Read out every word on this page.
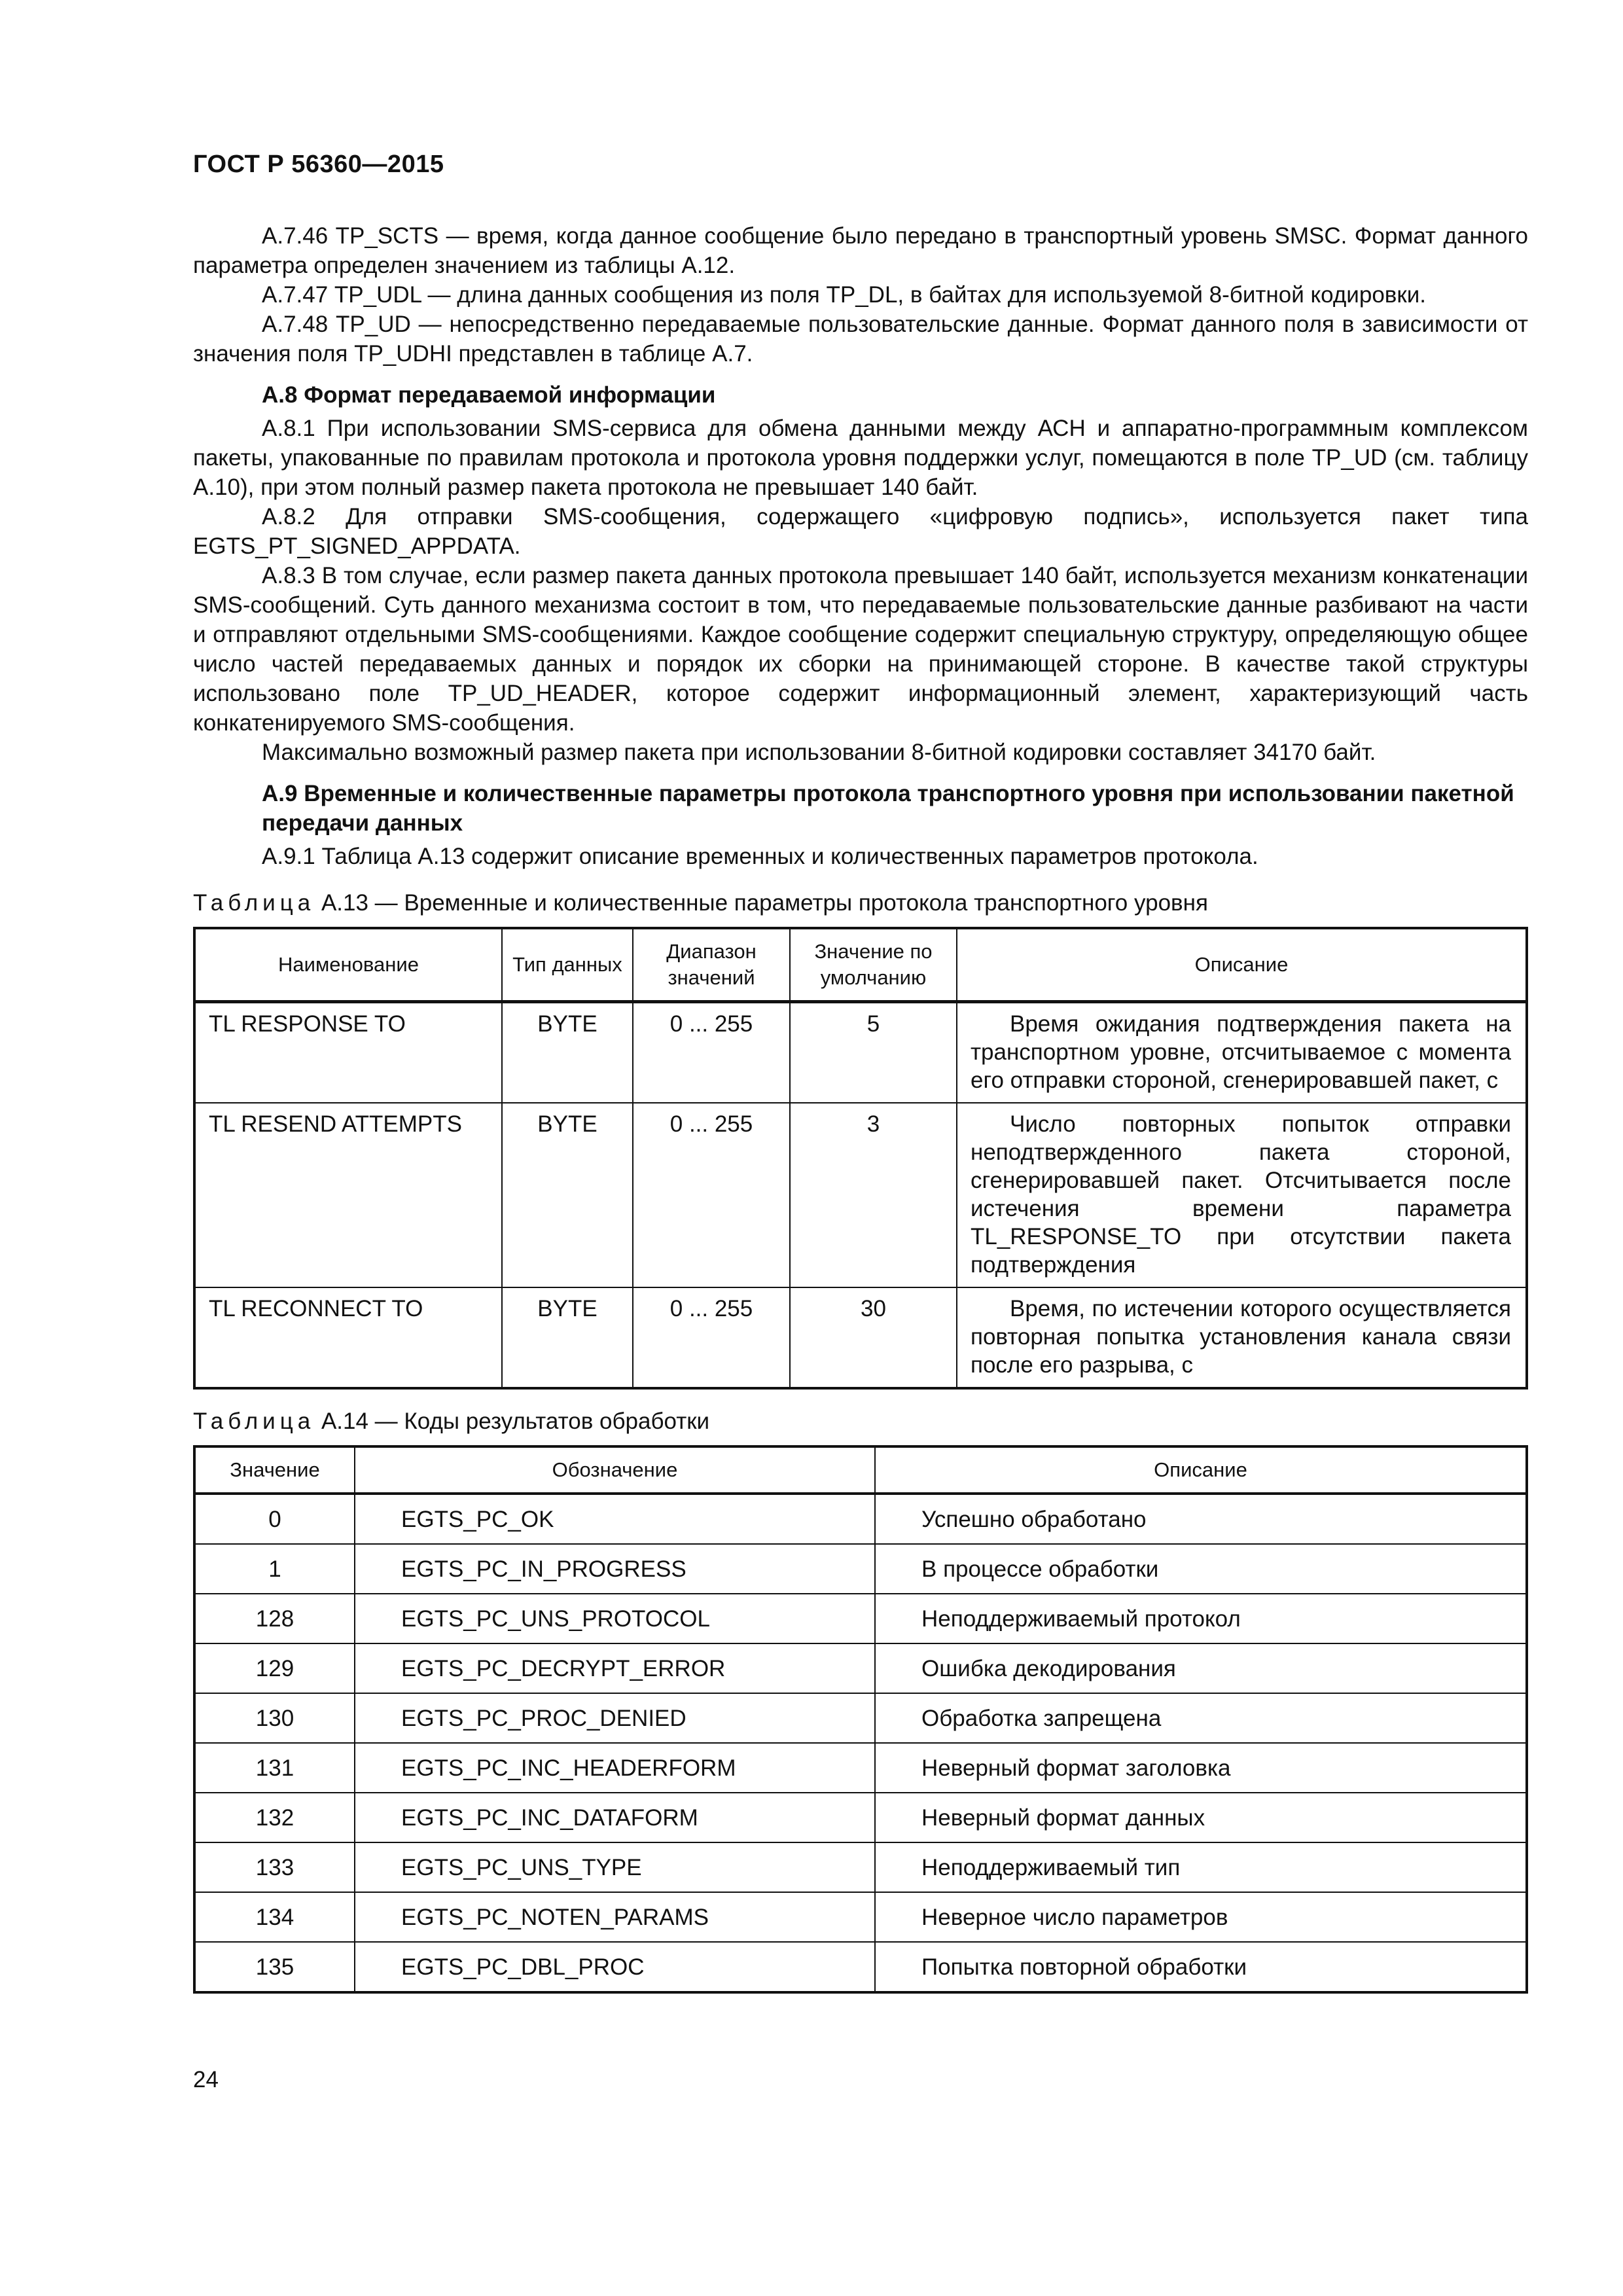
ГОСТ Р 56360—2015

А.7.46 TP_SCTS — время, когда данное сообщение было передано в транспортный уровень SMSC. Формат данного параметра определен значением из таблицы А.12.

А.7.47 TP_UDL — длина данных сообщения из поля TP_DL, в байтах для используемой 8-битной кодировки.

А.7.48 TP_UD — непосредственно передаваемые пользовательские данные. Формат данного поля в зависимости от значения поля TP_UDHI представлен в таблице А.7.

А.8 Формат передаваемой информации

А.8.1 При использовании SMS-сервиса для обмена данными между АСН и аппаратно-программным комплексом пакеты, упакованные по правилам протокола и протокола уровня поддержки услуг, помещаются в поле TP_UD (см. таблицу А.10), при этом полный размер пакета протокола не превышает 140 байт.

А.8.2 Для отправки SMS-сообщения, содержащего «цифровую подпись», используется пакет типа EGTS_PT_SIGNED_APPDATA.

А.8.3 В том случае, если размер пакета данных протокола превышает 140 байт, используется механизм конкатенации SMS-сообщений. Суть данного механизма состоит в том, что передаваемые пользовательские данные разбивают на части и отправляют отдельными SMS-сообщениями. Каждое сообщение содержит специальную структуру, определяющую общее число частей передаваемых данных и порядок их сборки на принимающей стороне. В качестве такой структуры использовано поле TP_UD_HEADER, которое содержит информационный элемент, характеризующий часть конкатенируемого SMS-сообщения.

Максимально возможный размер пакета при использовании 8-битной кодировки составляет 34170 байт.

А.9 Временные и количественные параметры протокола транспортного уровня при использовании пакетной передачи данных

А.9.1 Таблица А.13 содержит описание временных и количественных параметров протокола.

Таблица А.13 — Временные и количественные параметры протокола транспортного уровня
Наименование	Тип данных	Диапазон значений	Значение по умолчанию	Описание
TL RESPONSE TO	BYTE	0 ... 255	5	Время ожидания подтверждения пакета на транспортном уровне, отсчитываемое с момента его отправки стороной, сгенерировавшей пакет, с
TL RESEND ATTEMPTS	BYTE	0 ... 255	3	Число повторных попыток отправки неподтвержденного пакета стороной, сгенерировавшей пакет. Отсчитывается после истечения времени параметра TL_RESPONSE_TO при отсутствии пакета подтверждения
TL RECONNECT TO	BYTE	0 ... 255	30	Время, по истечении которого осуществляется повторная попытка установления канала связи после его разрыва, с
Таблица А.14 — Коды результатов обработки
Значение	Обозначение	Описание
0	EGTS_PC_OK	Успешно обработано
1	EGTS_PC_IN_PROGRESS	В процессе обработки
128	EGTS_PC_UNS_PROTOCOL	Неподдерживаемый протокол
129	EGTS_PC_DECRYPT_ERROR	Ошибка декодирования
130	EGTS_PC_PROC_DENIED	Обработка запрещена
131	EGTS_PC_INC_HEADERFORM	Неверный формат заголовка
132	EGTS_PC_INC_DATAFORM	Неверный формат данных
133	EGTS_PC_UNS_TYPE	Неподдерживаемый тип
134	EGTS_PC_NOTEN_PARAMS	Неверное число параметров
135	EGTS_PC_DBL_PROC	Попытка повторной обработки
24
